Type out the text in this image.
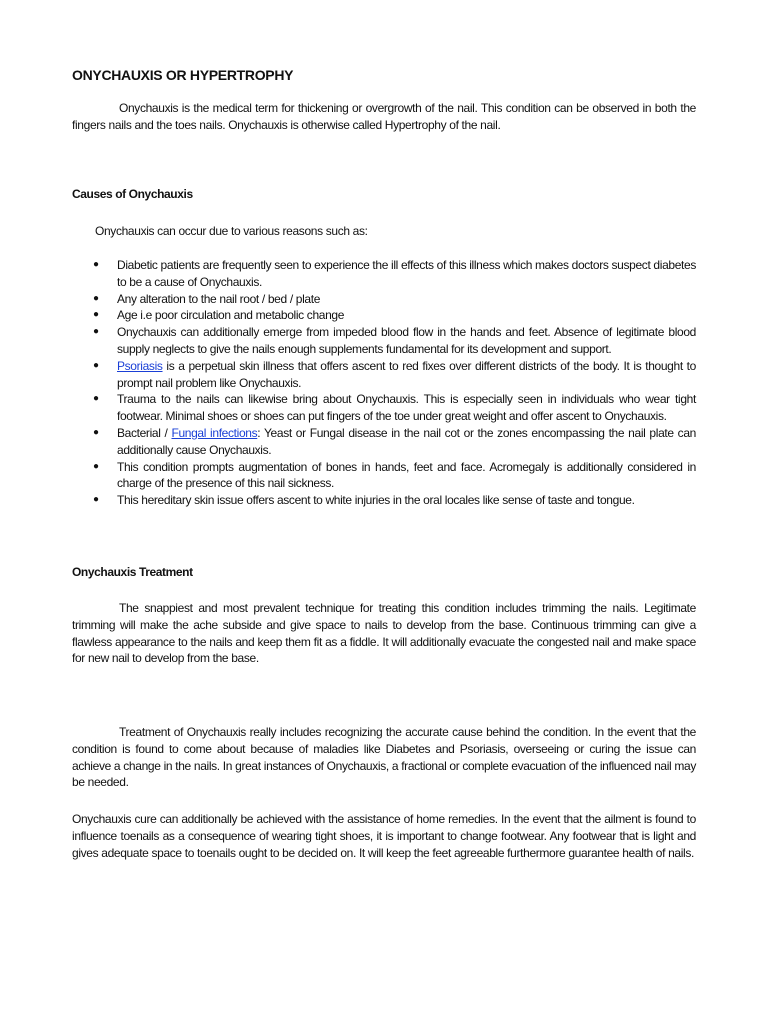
ONYCHAUXIS OR HYPERTROPHY

Onychauxis is the medical term for thickening or overgrowth of the nail. This condition can be observed in both the fingers nails and the toes nails. Onychauxis is otherwise called Hypertrophy of the nail.

Causes of Onychauxis

Onychauxis can occur due to various reasons such as:

● Diabetic patients are frequently seen to experience the ill effects of this illness which makes doctors suspect diabetes to be a cause of Onychauxis.
● Any alteration to the nail root / bed / plate
● Age i.e poor circulation and metabolic change
● Onychauxis can additionally emerge from impeded blood flow in the hands and feet. Absence of legitimate blood supply neglects to give the nails enough supplements fundamental for its development and support.
● Psoriasis is a perpetual skin illness that offers ascent to red fixes over different districts of the body. It is thought to prompt nail problem like Onychauxis.
● Trauma to the nails can likewise bring about Onychauxis. This is especially seen in individuals who wear tight footwear. Minimal shoes or shoes can put fingers of the toe under great weight and offer ascent to Onychauxis.
● Bacterial / Fungal infections: Yeast or Fungal disease in the nail cot or the zones encompassing the nail plate can additionally cause Onychauxis.
● This condition prompts augmentation of bones in hands, feet and face. Acromegaly is additionally considered in charge of the presence of this nail sickness.
● This hereditary skin issue offers ascent to white injuries in the oral locales like sense of taste and tongue.

Onychauxis Treatment

The snappiest and most prevalent technique for treating this condition includes trimming the nails. Legitimate trimming will make the ache subside and give space to nails to develop from the base. Continuous trimming can give a flawless appearance to the nails and keep them fit as a fiddle. It will additionally evacuate the congested nail and make space for new nail to develop from the base.

Treatment of Onychauxis really includes recognizing the accurate cause behind the condition. In the event that the condition is found to come about because of maladies like Diabetes and Psoriasis, overseeing or curing the issue can achieve a change in the nails. In great instances of Onychauxis, a fractional or complete evacuation of the influenced nail may be needed.

Onychauxis cure can additionally be achieved with the assistance of home remedies. In the event that the ailment is found to influence toenails as a consequence of wearing tight shoes, it is important to change footwear. Any footwear that is light and gives adequate space to toenails ought to be decided on. It will keep the feet agreeable furthermore guarantee health of nails.
